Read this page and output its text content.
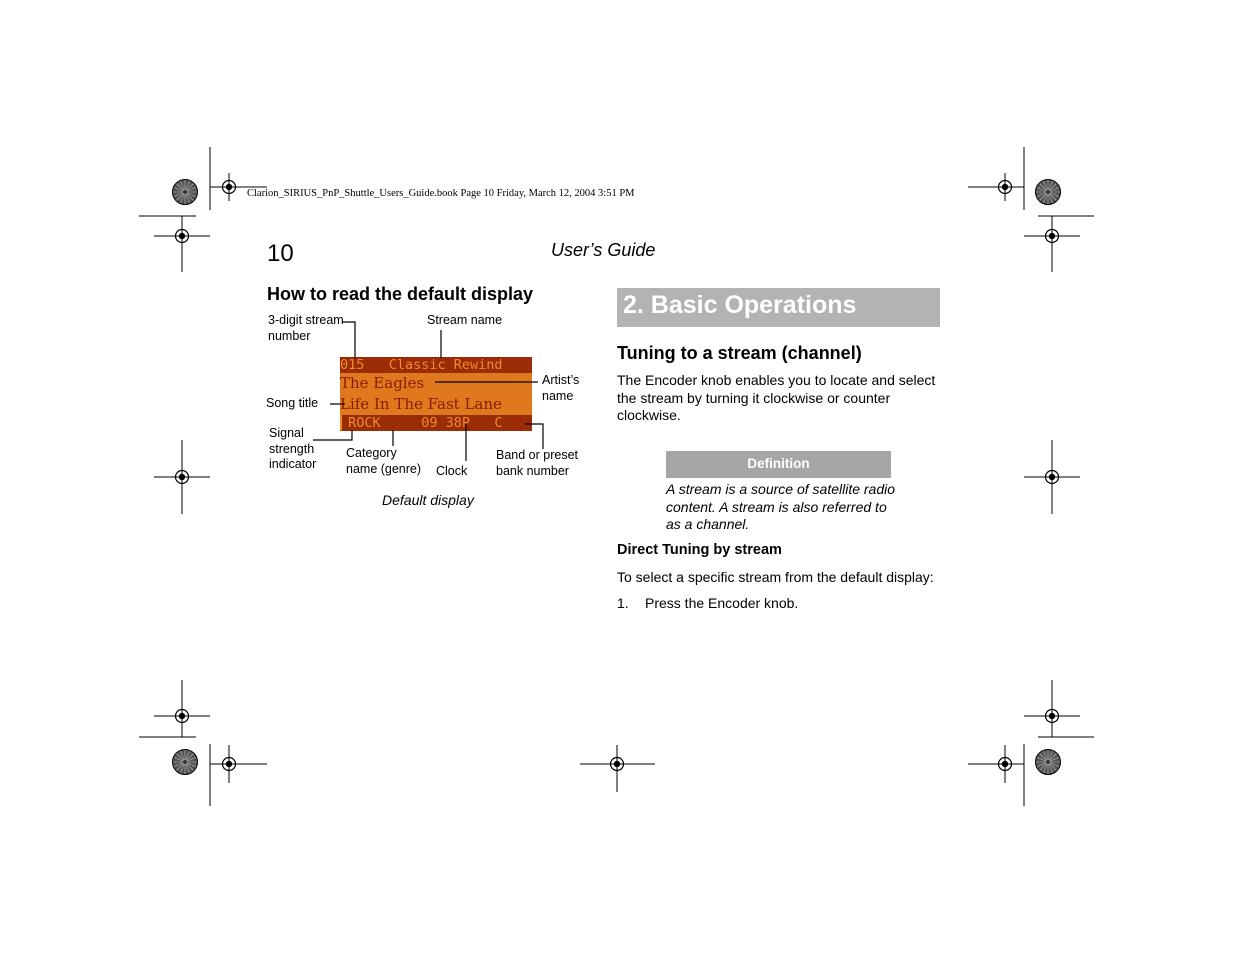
Clarion_SIRIUS_PnP_Shuttle_Users_Guide.book Page 10 Friday, March 12, 2004 3:51 PM
10	User’s Guide
How to read the default display
015   Classic Rewind
The Eagles
Life In The Fast Lane
▎ROCK     09 38P   C
3-digit stream
number
Stream name
Artist’s
name
Song title
Signal
strength
indicator
Category
name (genre) Clock
Band or preset
bank number
Default display
2. Basic Operations
Tuning to a stream (channel)
The Encoder knob enables you to locate and select
the stream by turning it clockwise or counter
clockwise.
Definition
A stream is a source of satellite radio
content. A stream is also referred to
as a channel.
Direct Tuning by stream
To select a specific stream from the default display:
1. Press the Encoder knob.
